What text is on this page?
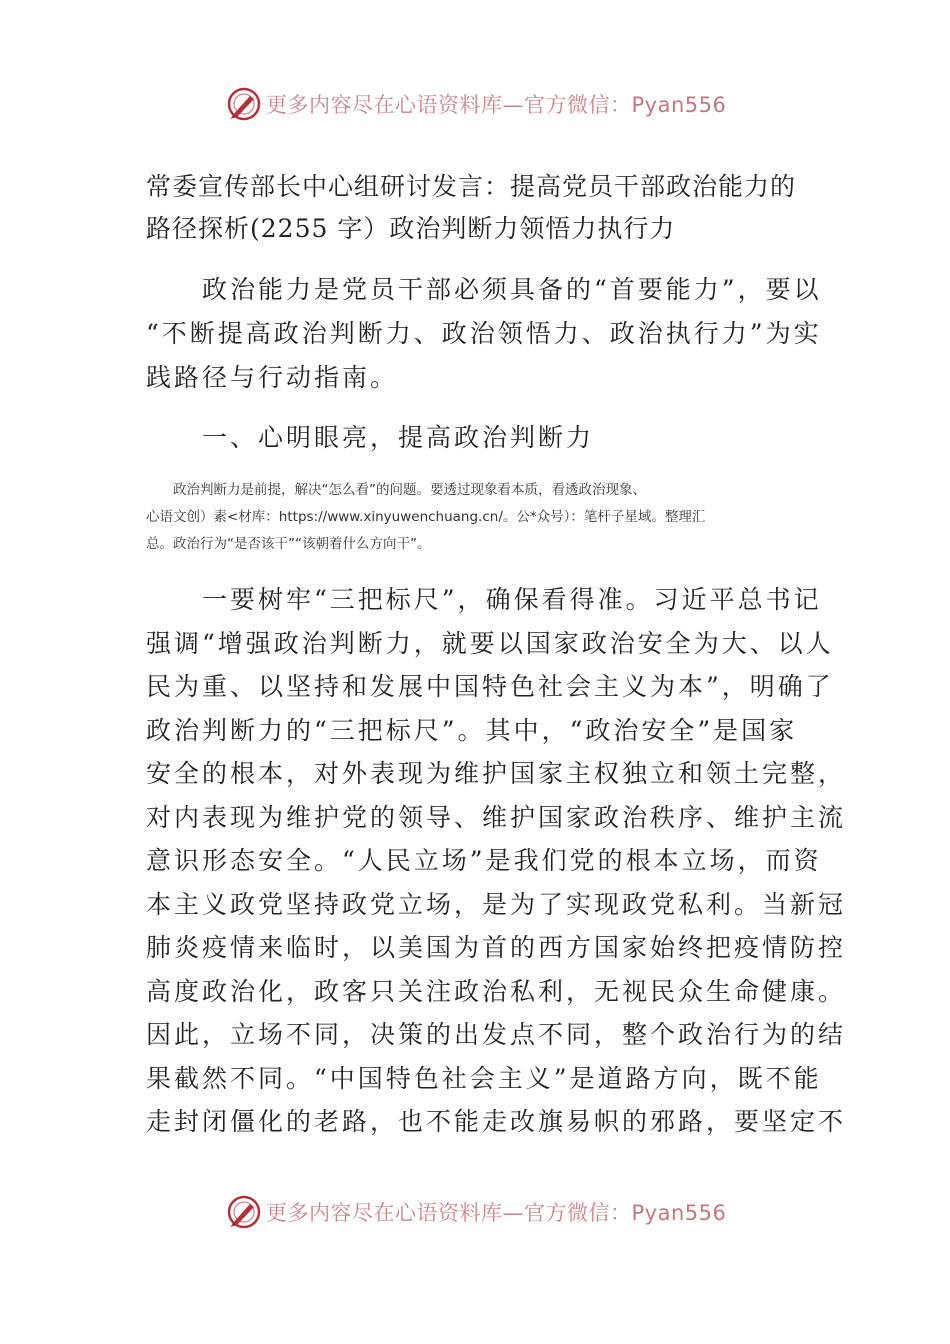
更多内容尽在心语资料库—官方微信：Pyan556
常委宣传部长中心组研讨发言：提高党员干部政治能力的
路径探析(2255 字）政治判断力领悟力执行力
　　政治能力是党员干部必须具备的“首要能力”，要以
“不断提高政治判断力、政治领悟力、政治执行力”为实
践路径与行动指南。
　　一、心明眼亮，提高政治判断力
　　政治判断力是前提，解决“怎么看”的问题。要透过现象看本质，看透政治现象、
心语文创）素<材库：https://www.xinyuwenchuang.cn/。公*众号）：笔杆子星域。整理汇
总。政治行为“是否该干”“该朝着什么方向干”。
　　一要树牢“三把标尺”，确保看得准。习近平总书记
强调“增强政治判断力，就要以国家政治安全为大、以人
民为重、以坚持和发展中国特色社会主义为本”，明确了
政治判断力的“三把标尺”。其中，“政治安全”是国家
安全的根本，对外表现为维护国家主权独立和领土完整，
对内表现为维护党的领导、维护国家政治秩序、维护主流
意识形态安全。“人民立场”是我们党的根本立场，而资
本主义政党坚持政党立场，是为了实现政党私利。当新冠
肺炎疫情来临时，以美国为首的西方国家始终把疫情防控
高度政治化，政客只关注政治私利，无视民众生命健康。
因此，立场不同，决策的出发点不同，整个政治行为的结
果截然不同。“中国特色社会主义”是道路方向，既不能
走封闭僵化的老路，也不能走改旗易帜的邪路，要坚定不
更多内容尽在心语资料库—官方微信：Pyan556
